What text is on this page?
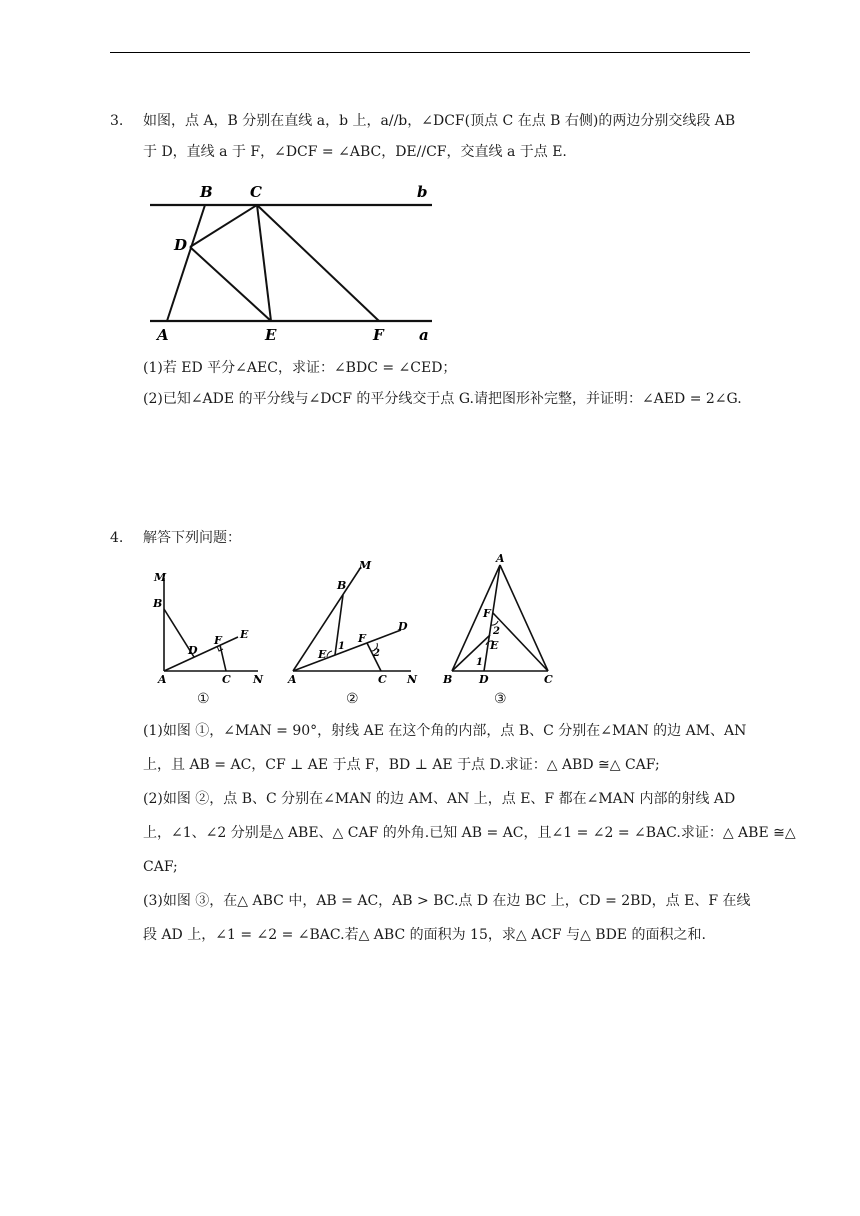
3.	如图，点 A，B 分别在直线 a，b 上，a//b，∠DCF(顶点 C 在点 B 右侧)的两边分别交线段 AB
于 D，直线 a 于 F，∠DCF = ∠ABC，DE//CF，交直线 a 于点 E.
B C	b
D
A	E	F a
(1)若 ED 平分∠AEC，求证：∠BDC = ∠CED；
(2)已知∠ADE 的平分线与∠DCF 的平分线交于点 G.请把图形补完整，并证明：∠AED = 2∠G.
4.	解答下列问题：
M
B
E
F
D
A	C N
①
M
B
D
F
E
1
2
A	C N
②
A
F
2
E
1
B D	C
③
(1)如图 ①，∠MAN = 90°，射线 AE 在这个角的内部，点 B、C 分别在∠MAN 的边 AM、AN
上，且 AB = AC，CF ⊥ AE 于点 F，BD ⊥ AE 于点 D.求证：△ ABD ≅△ CAF;
(2)如图 ②，点 B、C 分别在∠MAN 的边 AM、AN 上，点 E、F 都在∠MAN 内部的射线 AD
上，∠1、∠2 分别是△ ABE、△ CAF 的外角.已知 AB = AC，且∠1 = ∠2 = ∠BAC.求证：△ ABE ≅△
CAF;
(3)如图 ③，在△ ABC 中，AB = AC，AB > BC.点 D 在边 BC 上，CD = 2BD，点 E、F 在线
段 AD 上，∠1 = ∠2 = ∠BAC.若△ ABC 的面积为 15，求△ ACF 与△ BDE 的面积之和.
